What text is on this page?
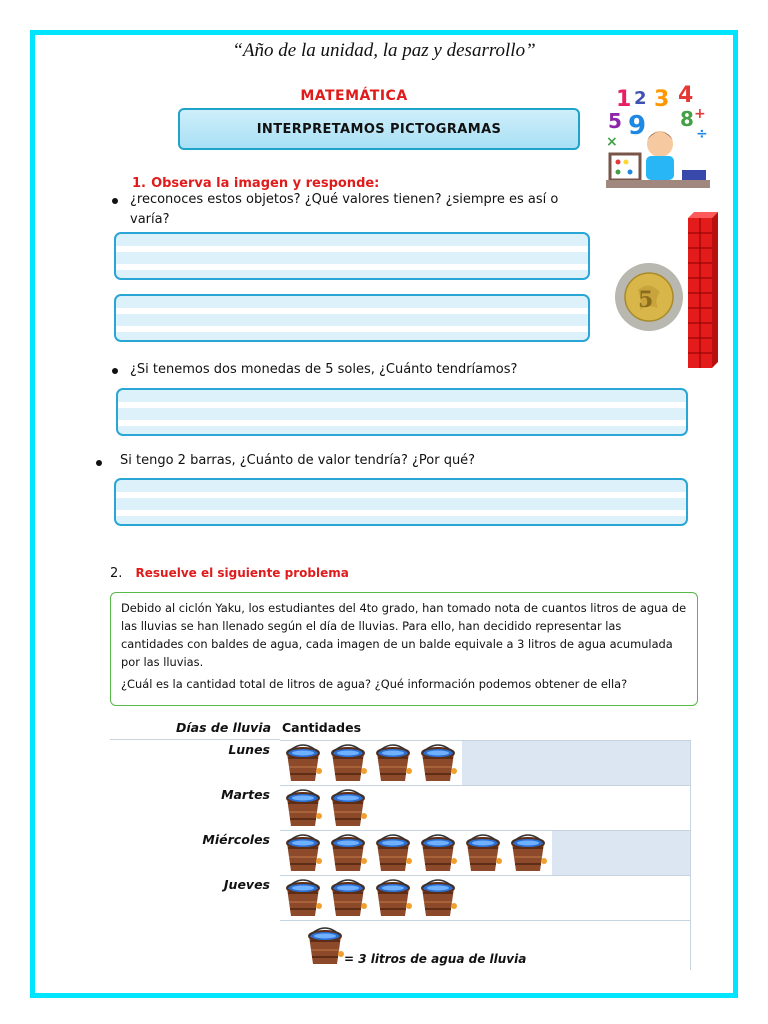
“Año de la unidad, la paz y desarrollo”
MATEMÁTICA
INTERPRETAMOS PICTOGRAMAS
1 2 3 4
5 9 8 +
÷
×
1. Observa la imagen y responde:
¿reconoces estos objetos? ¿Qué valores tienen? ¿siempre es así o varía?
5
¿Si tenemos dos monedas de 5 soles, ¿Cuánto tendríamos?
Si tengo 2 barras, ¿Cuánto de valor tendría? ¿Por qué?
2. Resuelve el siguiente problema

Debido al ciclón Yaku, los estudiantes del 4to grado, han tomado nota de cuantos litros de agua de las lluvias se han llenado según el día de lluvias. Para ello, han decidido representar las cantidades con baldes de agua, cada imagen de un balde equivale a 3 litros de agua acumulada por las lluvias.

¿Cuál es la cantidad total de litros de agua? ¿Qué información podemos obtener de ella?

Días de lluvia Cantidades
Lunes
Martes
Miércoles
Jueves
= 3 litros de agua de lluvia
